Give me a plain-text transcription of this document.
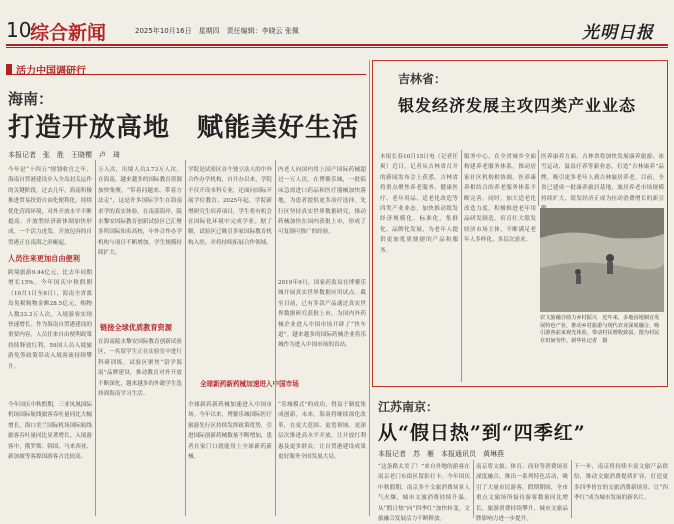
10
综合新闻	2025年10月16日　星期四　责任编辑：李晓云 张佩	光明日报
活力中国调研行
海南：
打造开放高地　赋能美好生活
本报记者　张　胜　王晓樱　卢　琦
今年是“十四五”规划收官之年，海南自贸港建设步入全岛封关运作的关键阶段。过去几年，海南积极推进贸易投资自由化便利化，持续优化营商环境，对外开放水平不断提高，开放型经济新体制加快形成，一个活力迸发、开放包容的自贸港正在南海之滨崛起。
人员往来更加自由便利
跨境旅游9.44亿元，比去年同期增长15%。今年国庆中秋假期（10月1日至8日），海南全省离岛免税购物金额28.5亿元，购物人数33.3万人次，入境游客实现快速增长。作为海南自贸港建设的重要内容，人员往来自由便利政策持续释放红利，59国人员入境旅游免签政策带动入境客流持续攀升。
今年国庆中秋假期，三亚凤凰国际机场国际航线旅客吞吐量同比大幅增长，海口美兰国际机场国际航线旅客吞吐量同比显著增长。入境游客中，俄罗斯、韩国、马来西亚、新加坡等客源国游客占比较高。
万人次，出境人员3.73万人次。在海南，越来越多的国际教育资源加快集聚。“带着问题来、带着方法走”，这是许多国际学生在海南求学的真实体验。在南部海岸，陵水黎安国际教育创新试验区已汇聚多所国际知名高校，中外合作办学机构与项目不断增加，学生规模持续扩大。
链接全球优质教育资源
在海南陵水黎安国际教育创新试验区，一名留学生正在实验室中进行科研训练。试验区聚焦“留学海南”品牌建设，推动教育对外开放不断深化，越来越多的外籍学生选择到海南学习生活。
学院是试验区首个独立法人的中外合作办学机构，自开办以来，学院不仅开设本科专业，还面向国际开展学位教育。2025年起，学院新增研究生培养项目，学生将有机会在国际化环境中完成学业。据了解，试验区已吸引多家国际教育机构入驻，并将持续拓展合作领域。
全球新药新药械加速进入中国市场
全球新药新药械加速进入中国市场。今年以来，博鳌乐城国际医疗旅游先行区持续发挥政策优势，引进国际创新药械数量不断增加，患者在家门口就能用上全球新药新械。
内老人向国内用上国产国际药械超过一万人次。在博鳌乐城，一批临床急需进口药品和医疗器械加快落地，为患者提供更多治疗选择。先行区坚持真实世界数据研究，推动药械加快在国内获批上市，形成了可复制可推广的经验。
2019年9月，国家药监局在博鳌乐城开展真实世界数据应用试点。截至目前，已有多款产品通过真实世界数据研究获批上市，为国内外药械企业进入中国市场开辟了“快车道”。越来越多的国际药械企业将乐城作为进入中国市场的首站。
“乐城模式”的成功，得益于制度集成创新。未来，海南将继续深化改革，在更大范围、更宽领域、更深层次推进高水平开放，让开放红利惠及更多群众，让自贸港建设成果更好服务全国发展大局。
吉林省：
银发经济发展主攻四类产业业态
本报长春10月15日电（记者任爽）近日，记者从吉林省召开的新闻发布会上获悉，吉林省将重点聚焦养老服务、健康医疗、老年用品、适老化改造等四类产业业态，加快推动银发经济规模化、标准化、集群化、品牌化发展，为老年人提供更加优质便捷的产品和服务。
服务中心，在全省城乡全面构建养老服务体系，推动居家社区机构相协调、医养康养相结合的养老服务体系不断完善。同时，加大适老化改造力度，积极推进老年用品研发制造，培育壮大银发经济市场主体，不断满足老年人多样化、多层次需求。
医养康养方面，吉林省将加快发展康养旅游、冰雪运动、温泉疗养等新业态，打造“吉林康养”品牌，吸引更多老年人到吉林旅居养老。目前，全省已建成一批康养旅居基地，旅居养老市场规模持续扩大，银发经济正成为拉动消费增长的新引
农文旅融合助力乡村振兴　近年来，多地因地制宜发展特色产业，推动乡村旅游与现代农业深度融合，吸引游客前来观光体验，带动村民增收致富。图为村民在田间劳作。新华社记者　摄
江苏南京：
从“假日热”到“四季红”
本报记者　苏　雁　本报通讯员　黄琳燕
“这条路太美了！”来自外地的游客在南京老门东街区留影打卡。今年国庆中秋假期，南京多个文旅消费场景人气火爆，城市文旅消费持续升温，从“假日热”向“四季红”加快转变，文旅融合发展活力不断释放。
南京将文旅、体育、商业等消费场景深度融合，推出一系列特色活动，吸引了大量市民游客。假期期间，全市重点文旅场所接待游客数量同比增长，旅游消费持续攀升，城市文旅品牌影响力进一步提升。
下一步，南京将持续丰富文旅产品供给，推动文旅消费提质扩容，打造更多四季皆宜的文旅消费新场景，让“四季红”成为城市发展的新名片。
